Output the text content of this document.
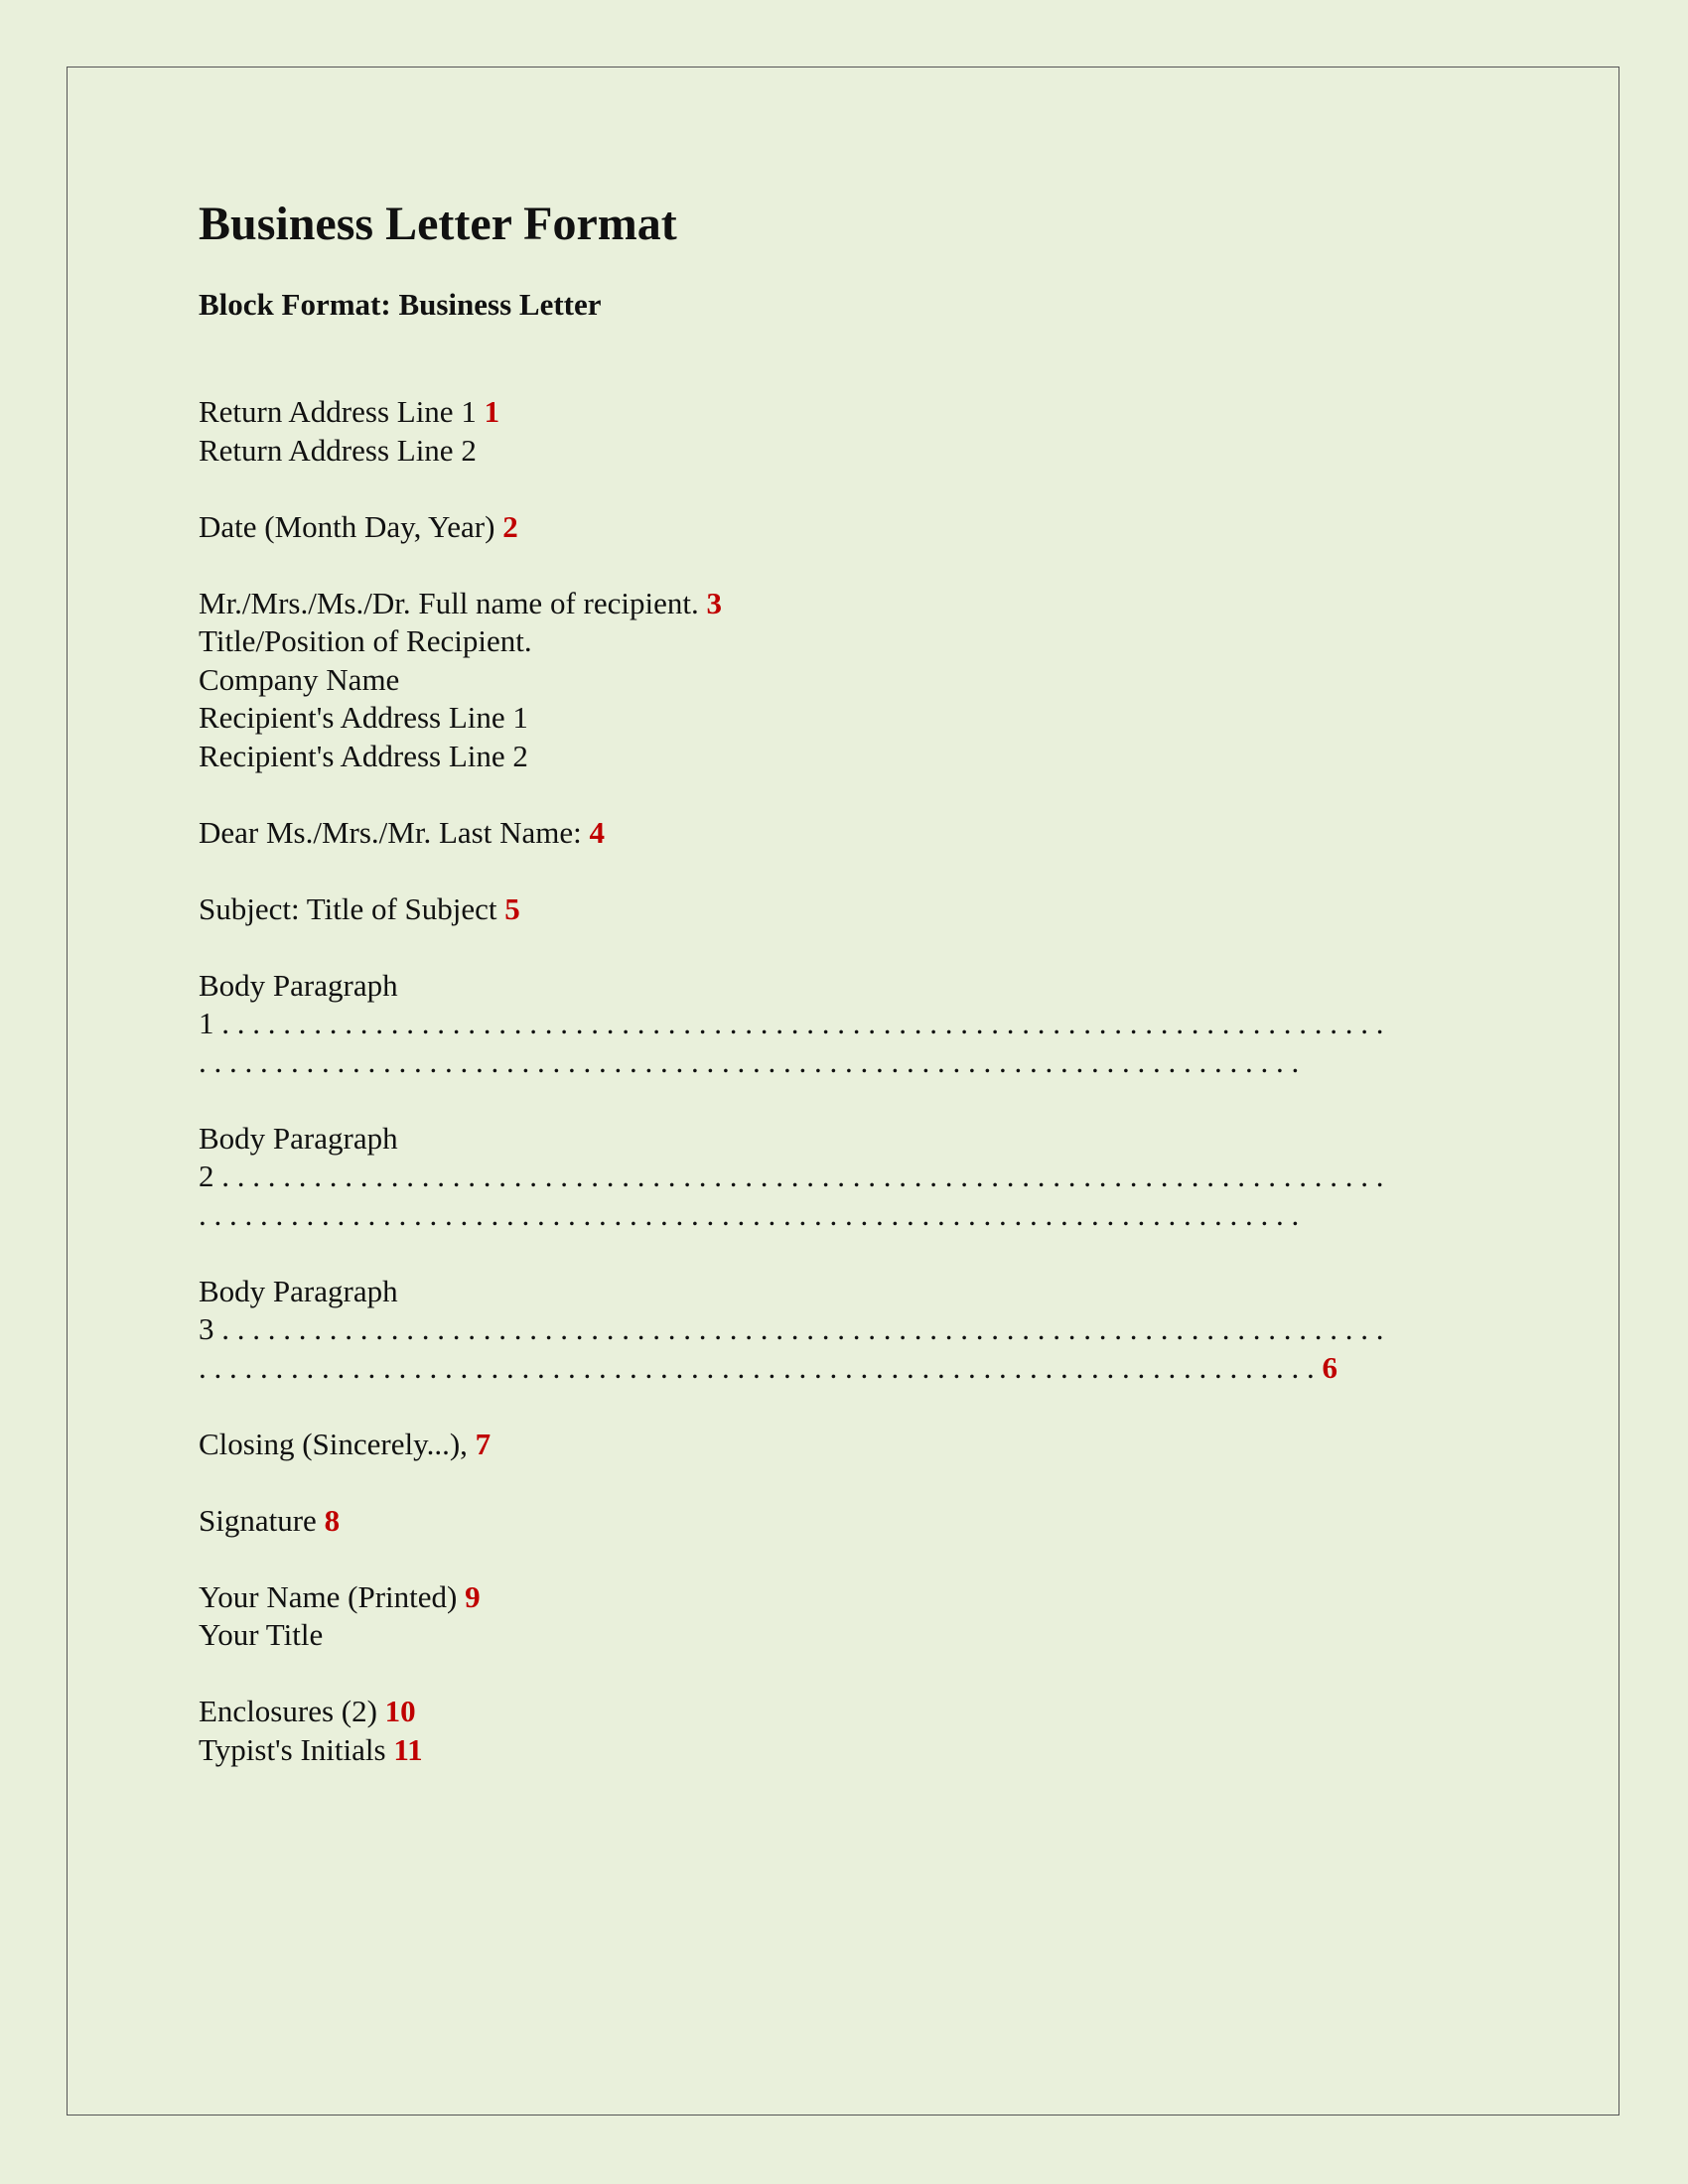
Business Letter Format
Block Format: Business Letter
Return Address Line 1 1
Return Address Line 2
Date (Month Day, Year) 2
Mr./Mrs./Ms./Dr. Full name of recipient. 3
Title/Position of Recipient.
Company Name
Recipient's Address Line 1
Recipient's Address Line 2
Dear Ms./Mrs./Mr. Last Name: 4
Subject: Title of Subject 5
Body Paragraph
1 . . . . . . . . . . . . . . . . . . . . . . . . . . . . . . . . . . . . . . . . . . . . . . . . . . . . . . . . . . . . . . . . . . . . . . . . . . . .
. . . . . . . . . . . . . . . . . . . . . . . . . . . . . . . . . . . . . . . . . . . . . . . . . . . . . . . . . . . . . . . . . . . . . . . .
Body Paragraph
2 . . . . . . . . . . . . . . . . . . . . . . . . . . . . . . . . . . . . . . . . . . . . . . . . . . . . . . . . . . . . . . . . . . . . . . . . . . . .
. . . . . . . . . . . . . . . . . . . . . . . . . . . . . . . . . . . . . . . . . . . . . . . . . . . . . . . . . . . . . . . . . . . . . . . .
Body Paragraph
3 . . . . . . . . . . . . . . . . . . . . . . . . . . . . . . . . . . . . . . . . . . . . . . . . . . . . . . . . . . . . . . . . . . . . . . . . . . . .
. . . . . . . . . . . . . . . . . . . . . . . . . . . . . . . . . . . . . . . . . . . . . . . . . . . . . . . . . . . . . . . . . . . . . . . . . 6
Closing (Sincerely...), 7
Signature 8
Your Name (Printed) 9
Your Title
Enclosures (2) 10
Typist's Initials 11
